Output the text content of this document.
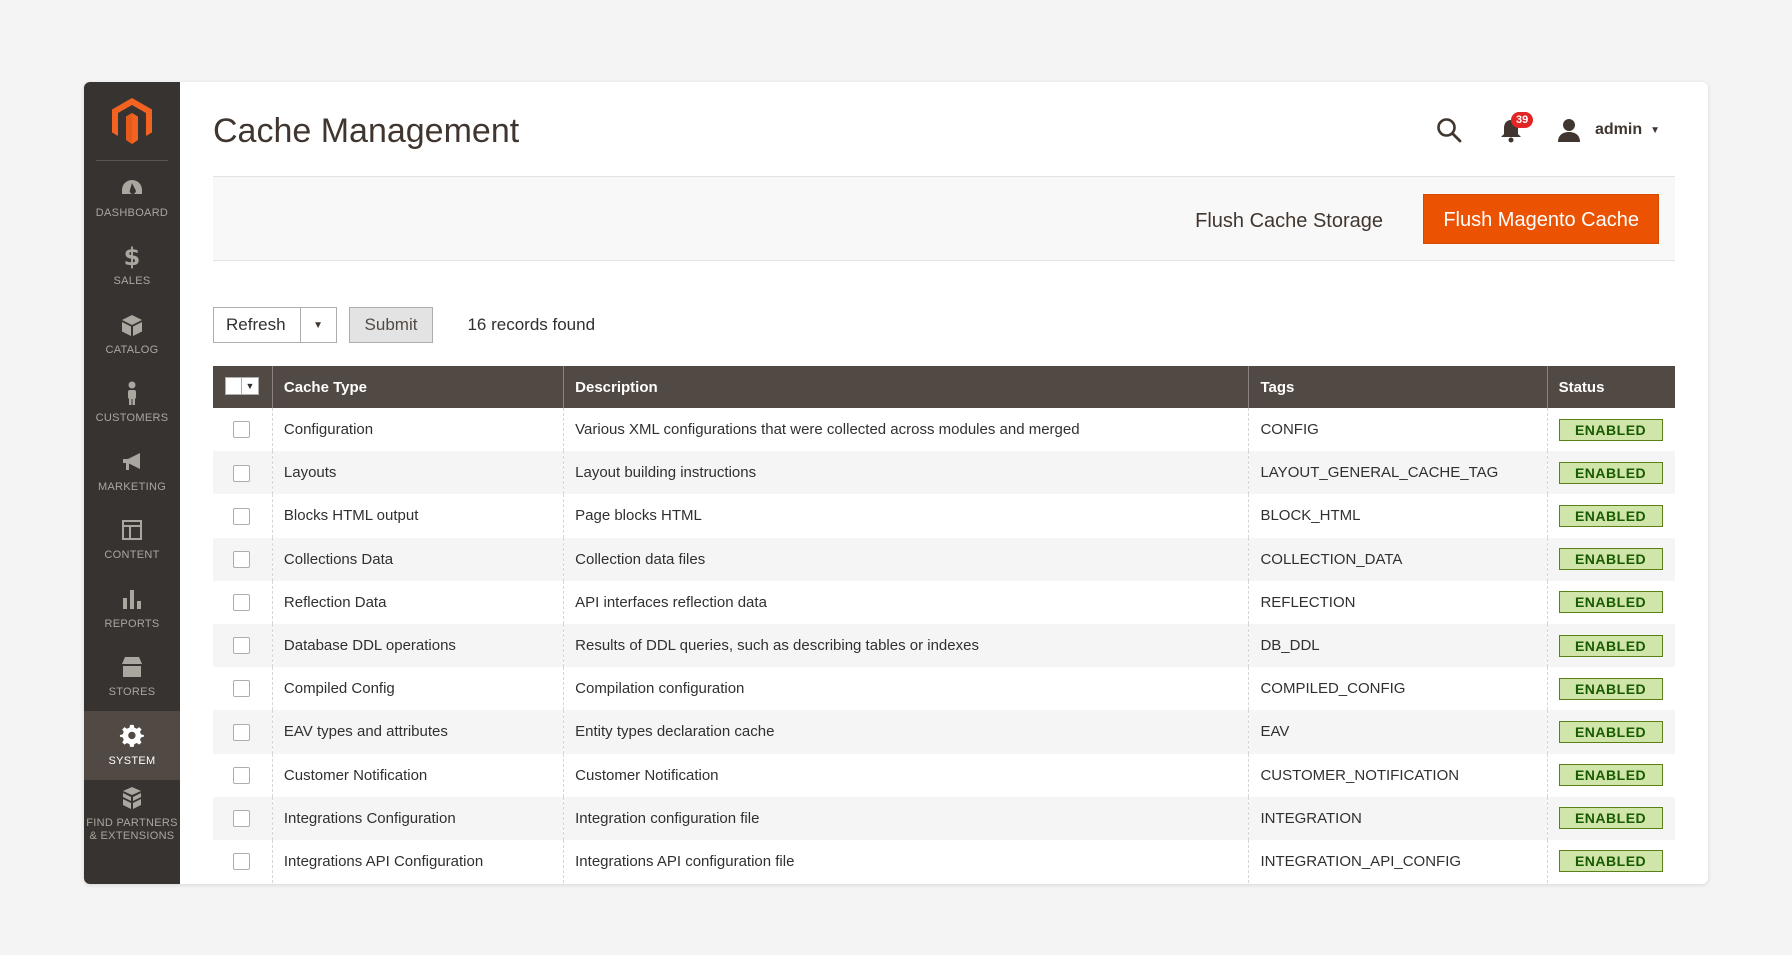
DASHBOARD
$
SALES
CATALOG
CUSTOMERS
MARKETING
CONTENT
REPORTS
STORES
SYSTEM
FIND PARTNERS & EXTENSIONS
Cache Management	39
admin ▼
Flush Cache Storage	Flush Magento Cache
Refresh	▼	Submit	16 records found
▼	Cache Type	Description	Tags	Status
	Configuration	Various XML configurations that were collected across modules and merged	CONFIG	ENABLED
	Layouts	Layout building instructions	LAYOUT_GENERAL_CACHE_TAG	ENABLED
	Blocks HTML output	Page blocks HTML	BLOCK_HTML	ENABLED
	Collections Data	Collection data files	COLLECTION_DATA	ENABLED
	Reflection Data	API interfaces reflection data	REFLECTION	ENABLED
	Database DDL operations	Results of DDL queries, such as describing tables or indexes	DB_DDL	ENABLED
	Compiled Config	Compilation configuration	COMPILED_CONFIG	ENABLED
	EAV types and attributes	Entity types declaration cache	EAV	ENABLED
	Customer Notification	Customer Notification	CUSTOMER_NOTIFICATION	ENABLED
	Integrations Configuration	Integration configuration file	INTEGRATION	ENABLED
	Integrations API Configuration	Integrations API configuration file	INTEGRATION_API_CONFIG	ENABLED
